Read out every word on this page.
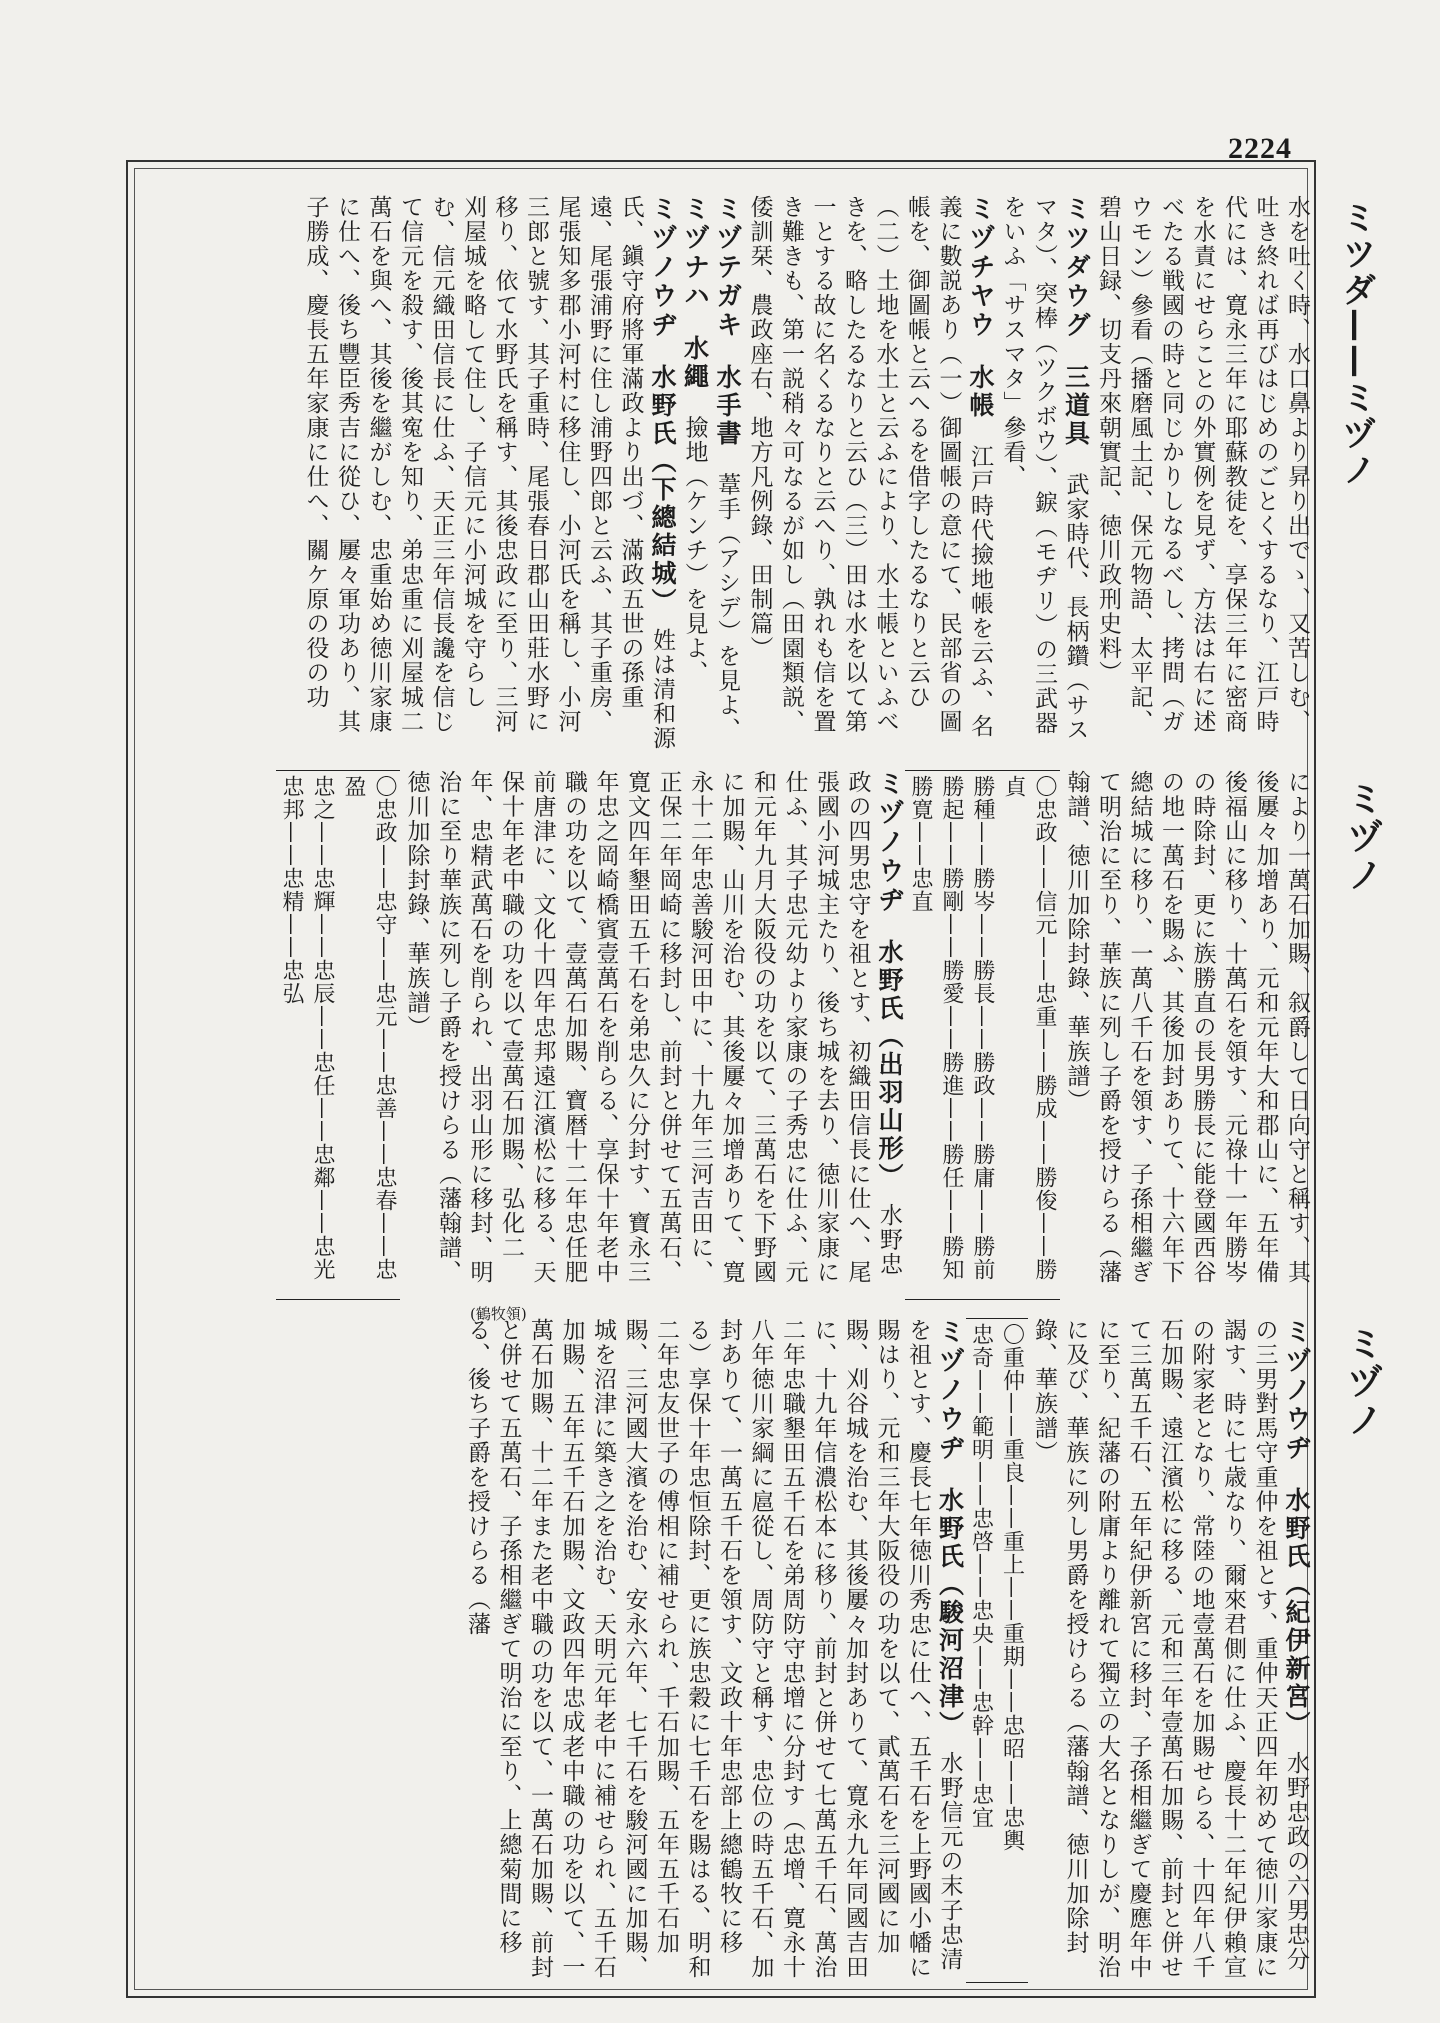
2224
ミツダ——ミヅノ
ミヅノ
ミヅノ

水を吐く時、水口鼻より昇り出でゝ、又苦しむ、吐き終れば再びはじめのごとくするなり、江戸時代には、寛永三年に耶蘇教徒を、享保三年に密商を水責にせらことの外實例を見ず、方法は右に述べたる戦國の時と同じかりしなるべし、拷問（ガウモン）參看（播磨風土記、保元物語、太平記、碧山日録、切支丹來朝實記、徳川政刑史料）

ミツダウグ三道具　武家時代、長柄鑽（サスマタ）、突棒（ツクボウ）、錑（モヂリ）の三武器をいふ「サスマタ」參看、

ミヅチヤウ水帳　江戸時代撿地帳を云ふ、名義に數説あり（一）御圖帳の意にて、民部省の圖帳を、御圖帳と云へるを借字したるなりと云ひ（二）土地を水土と云ふにより、水土帳といふべきを、略したるなりと云ひ（三）田は水を以て第一とする故に名くるなりと云へり、孰れも信を置き難きも、第一説稍々可なるが如し（田園類説、倭訓栞、農政座右、地方凡例錄、田制篇）

ミヅテガキ水手書　葦手（アシデ）を見よ、

ミヅナハ水繩　撿地（ケンチ）を見よ、

ミヅノウヂ水野氏（下總結城）　姓は清和源氏、鎭守府將軍滿政より出づ、滿政五世の孫重遠、尾張浦野に住し浦野四郎と云ふ、其子重房、尾張知多郡小河村に移住し、小河氏を稱し、小河三郎と號す、其子重時、尾張春日郡山田莊水野に移り、依て水野氏を稱す、其後忠政に至り、三河刈屋城を略して住し、子信元に小河城を守らしむ、信元織田信長に仕ふ、天正三年信長讒を信じて信元を殺す、後其寃を知り、弟忠重に刈屋城二萬石を與へ、其後を繼がしむ、忠重始め徳川家康に仕へ、後ち豐臣秀吉に從ひ、屢々軍功あり、其子勝成、慶長五年家康に仕へ、關ケ原の役の功

により一萬石加賜、叙爵して日向守と稱す、其後屢々加增あり、元和元年大和郡山に、五年備後福山に移り、十萬石を領す、元祿十一年勝岑の時除封、更に族勝直の長男勝長に能登國西谷の地一萬石を賜ふ、其後加封ありて、十六年下總結城に移り、一萬八千石を領す、子孫相繼ぎて明治に至り、華族に列し子爵を授けらる（藩翰譜、徳川加除封錄、華族譜）

〇忠政——信元——忠重——勝成——勝俊——勝貞
勝種——勝岑——勝長——勝政——勝庸——勝前
勝起——勝剛——勝愛——勝進——勝任——勝知
勝寛——忠直

ミヅノウヂ水野氏（出羽山形）　水野忠政の四男忠守を祖とす、初織田信長に仕へ、尾張國小河城主たり、後ち城を去り、徳川家康に仕ふ、其子忠元幼より家康の子秀忠に仕ふ、元和元年九月大阪役の功を以て、三萬石を下野國に加賜、山川を治む、其後屢々加增ありて、寛永十二年忠善駿河田中に、十九年三河吉田に、正保二年岡崎に移封し、前封と併せて五萬石、寛文四年墾田五千石を弟忠久に分封す、寶永三年忠之岡崎橋賓壹萬石を削らる、享保十年老中職の功を以て、壹萬石加賜、寶暦十二年忠任肥前唐津に、文化十四年忠邦遠江濱松に移る、天保十年老中職の功を以て壹萬石加賜、弘化二年、忠精武萬石を削られ、出羽山形に移封、明治に至り華族に列し子爵を授けらる（藩翰譜、徳川加除封錄、華族譜）

〇忠政——忠守——忠元——忠善——忠春——忠盈
忠之——忠輝——忠辰——忠任——忠鄰——忠光
忠邦——忠精——忠弘

ミヅノウヂ水野氏（紀伊新宮）　水野忠政の六男忠分の三男對馬守重仲を祖とす、重仲天正四年初めて徳川家康に謁す、時に七歳なり、爾來君側に仕ふ、慶長十二年紀伊賴宣の附家老となり、常陸の地壹萬石を加賜せらる、十四年八千石加賜、遠江濱松に移る、元和三年壹萬石加賜、前封と併せて三萬五千石、五年紀伊新宮に移封、子孫相繼ぎて慶應年中に至り、紀藩の附庸より離れて獨立の大名となりしが、明治に及び、華族に列し男爵を授けらる（藩翰譜、徳川加除封錄、華族譜）

〇重仲——重良——重上——重期——忠昭——忠輿
忠奇——範明——忠啓——忠央——忠幹——忠宜

ミヅノウヂ水野氏（駿河沼津）　水野信元の末子忠清を祖とす、慶長七年徳川秀忠に仕へ、五千石を上野國小幡に賜はり、元和三年大阪役の功を以て、貳萬石を三河國に加賜、刈谷城を治む、其後屢々加封ありて、寛永九年同國吉田に、十九年信濃松本に移り、前封と併せて七萬五千石、萬治二年忠職墾田五千石を弟周防守忠增に分封す（忠增、寛永十八年徳川家綱に扈從し、周防守と稱す、忠位の時五千石、加封ありて、一萬五千石を領す、文政十年忠部上總鶴牧に移る）享保十年忠恒除封、更に族忠穀に七千石を賜はる、明和二年忠友世子の傅相に補せられ、千石加賜、五年五千石加賜、三河國大濱を治む、安永六年、七千石を駿河國に加賜、城を沼津に築き之を治む、天明元年老中に補せられ、五千石加賜、五年五千石加賜、文政四年忠成老中職の功を以て、一萬石加賜、十二年また老中職の功を以て、一萬石加賜、前封と併せて五萬石、子孫相繼ぎて明治に至り、上總菊間に移る、後ち子爵を授けらる（藩

(鶴牧領)
